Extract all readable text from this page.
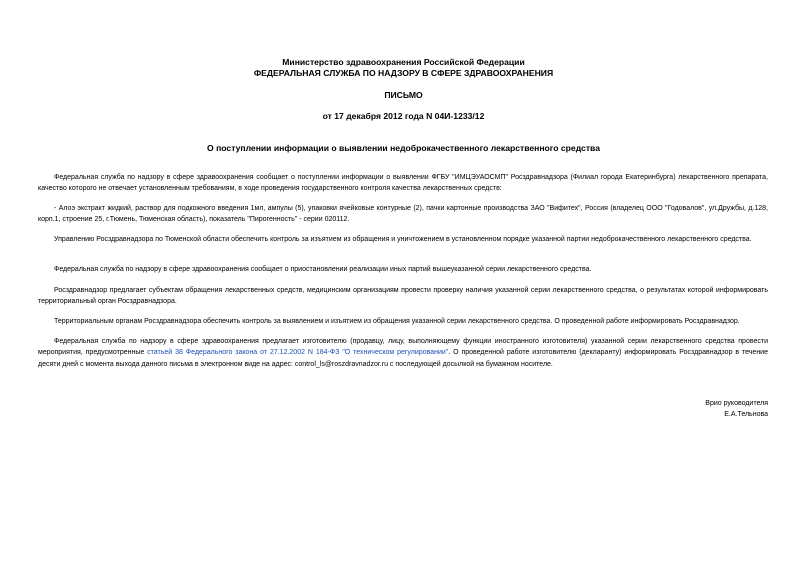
Министерство здравоохранения Российской Федерации
ФЕДЕРАЛЬНАЯ СЛУЖБА ПО НАДЗОРУ В СФЕРЕ ЗДРАВООХРАНЕНИЯ
ПИСЬМО
от 17 декабря 2012 года N 04И-1233/12
О поступлении информации о выявлении недоброкачественного лекарственного средства
Федеральная служба по надзору в сфере здравоохранения сообщает о поступлении информации о выявлении ФГБУ "ИМЦЭУАОСМП" Росздравнадзора (Филиал города Екатеринбурга) лекарственного препарата, качество которого не отвечает установленным требованиям, в ходе проведения государственного контроля качества лекарственных средств:
- Алоэ экстракт жидкий, раствор для подкожного введения 1мл, ампулы (5), упаковки ячейковые контурные (2), пачки картонные производства ЗАО "Вифитех", Россия (владелец ООО "Годовалов", ул.Дружбы, д.128, корп.1, строение 25, г.Тюмень, Тюменская область), показатель "Пирогенность" - серии 020112.
Управлению Росздравнадзора по Тюменской области обеспечить контроль за изъятием из обращения и уничтожением в установленном порядке указанной партии недоброкачественного лекарственного средства.
Федеральная служба по надзору в сфере здравоохранения сообщает о приостановлении реализации иных партий вышеуказанной серии лекарственного средства.
Росздравнадзор предлагает субъектам обращения лекарственных средств, медицинским организациям провести проверку наличия указанной серии лекарственного средства, о результатах которой информировать территориальный орган Росздравнадзора.
Территориальным органам Росздравнадзора обеспечить контроль за выявлением и изъятием из обращения указанной серии лекарственного средства. О проведенной работе информировать Росздравнадзор.
Федеральная служба по надзору в сфере здравоохранения предлагает изготовителю (продавцу, лицу, выполняющему функции иностранного изготовителя) указанной серии лекарственного средства провести мероприятия, предусмотренные статьей 38 Федерального закона от 27.12.2002 N 184-ФЗ "О техническом регулировании". О проведенной работе изготовителю (декларанту) информировать Росздравнадзор в течение десяти дней с момента выхода данного письма в электронном виде на адрес: control_ls@roszdravnadzor.ru с последующей досылкой на бумажном носителе.
Врио руководителя
Е.А.Тельнова
